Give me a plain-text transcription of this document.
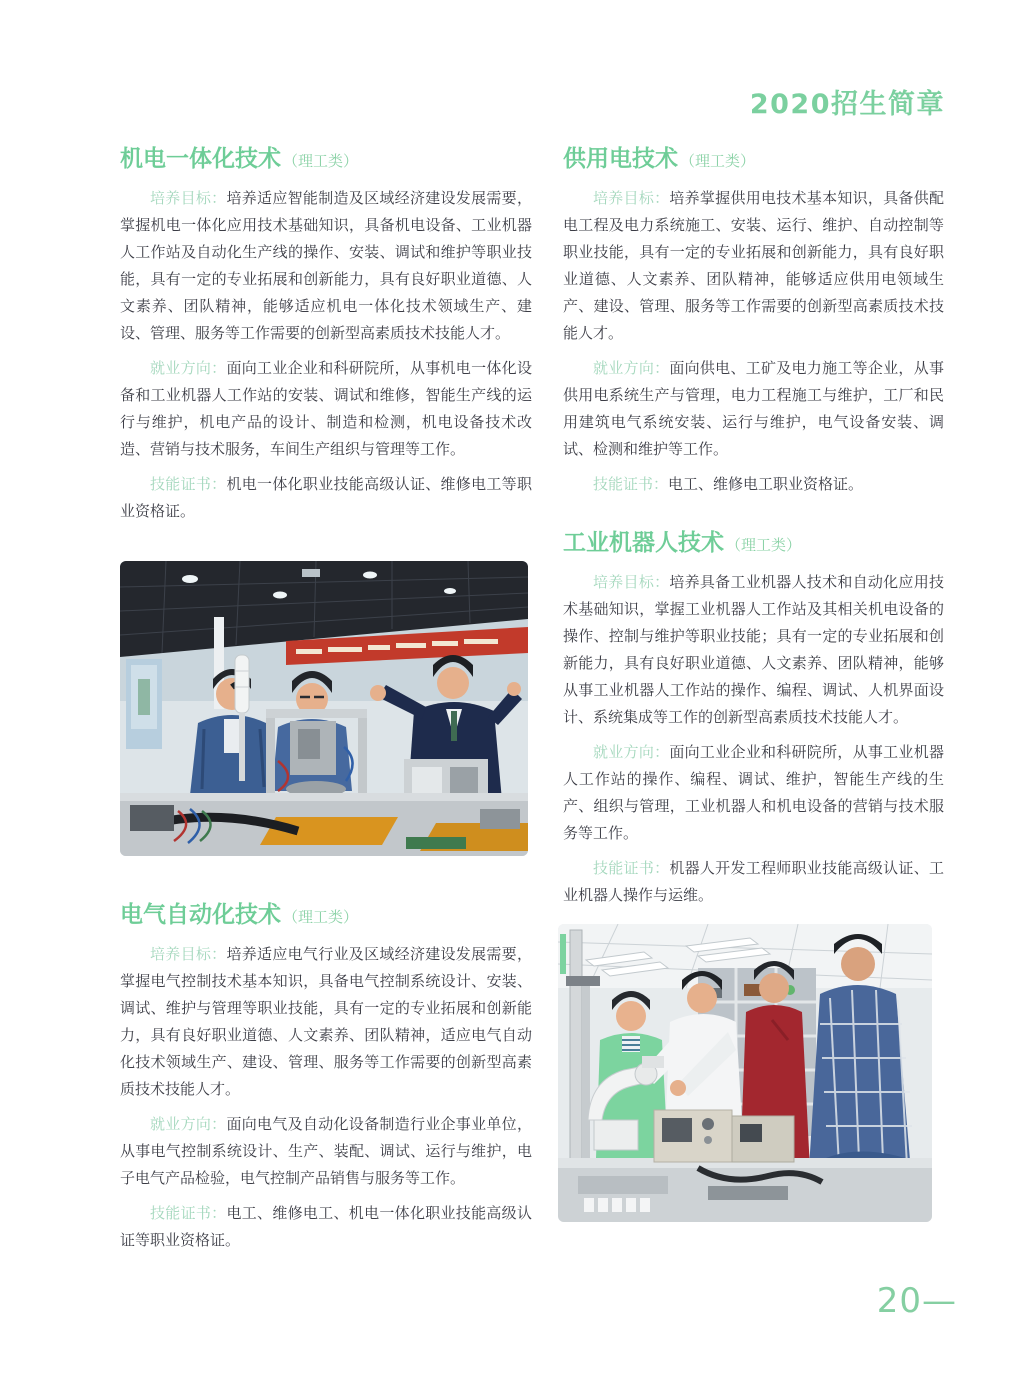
2020招生简章
机电一体化技术 （理工类）

培养目标：培养适应智能制造及区域经济建设发展需要，掌握机电一体化应用技术基础知识，具备机电设备、工业机器人工作站及自动化生产线的操作、安装、调试和维护等职业技能，具有一定的专业拓展和创新能力，具有良好职业道德、人文素养、团队精神，能够适应机电一体化技术领域生产、建设、管理、服务等工作需要的创新型高素质技术技能人才。

就业方向：面向工业企业和科研院所，从事机电一体化设备和工业机器人工作站的安装、调试和维修，智能生产线的运行与维护，机电产品的设计、制造和检测，机电设备技术改造、营销与技术服务，车间生产组织与管理等工作。

技能证书：机电一体化职业技能高级认证、维修电工等职业资格证。

供用电技术 （理工类）

培养目标：培养掌握供用电技术基本知识，具备供配电工程及电力系统施工、安装、运行、维护、自动控制等职业技能，具有一定的专业拓展和创新能力，具有良好职业道德、人文素养、团队精神，能够适应供用电领域生产、建设、管理、服务等工作需要的创新型高素质技术技能人才。

就业方向：面向供电、工矿及电力施工等企业，从事供用电系统生产与管理，电力工程施工与维护，工厂和民用建筑电气系统安装、运行与维护，电气设备安装、调试、检测和维护等工作。

技能证书：电工、维修电工职业资格证。

工业机器人技术 （理工类）

培养目标：培养具备工业机器人技术和自动化应用技术基础知识，掌握工业机器人工作站及其相关机电设备的操作、控制与维护等职业技能；具有一定的专业拓展和创新能力，具有良好职业道德、人文素养、团队精神，能够从事工业机器人工作站的操作、编程、调试、人机界面设计、系统集成等工作的创新型高素质技术技能人才。

就业方向：面向工业企业和科研院所，从事工业机器人工作站的操作、编程、调试、维护，智能生产线的生产、组织与管理，工业机器人和机电设备的营销与技术服务等工作。

技能证书：机器人开发工程师职业技能高级认证、工业机器人操作与运维。

电气自动化技术 （理工类）

培养目标：培养适应电气行业及区域经济建设发展需要，掌握电气控制技术基本知识，具备电气控制系统设计、安装、调试、维护与管理等职业技能，具有一定的专业拓展和创新能力，具有良好职业道德、人文素养、团队精神，适应电气自动化技术领域生产、建设、管理、服务等工作需要的创新型高素质技术技能人才。

就业方向：面向电气及自动化设备制造行业企事业单位，从事电气控制系统设计、生产、装配、调试、运行与维护，电子电气产品检验，电气控制产品销售与服务等工作。

技能证书：电工、维修电工、机电一体化职业技能高级认证等职业资格证。

20—
